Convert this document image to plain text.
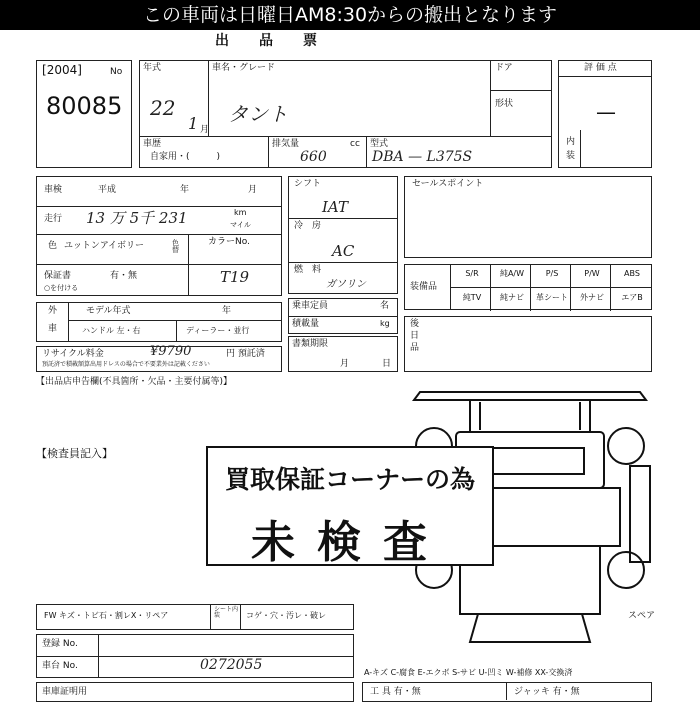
この車両は日曜日AM8:30からの搬出となります
出　品　票
[2004]	No
80085
年式
22
1 月
車名・グレード
タント
ドア
形状
評 価 点
—
内
装
車歴
自家用・(　　　)
排気量	cc
660
型式
DBA — L375S
車検	平成	年	月
走行 13 万 5千 231	km
マイル
色 ユットンアイボリー	色替
カラーNo.
T19
保証書	有・無
○を付ける
外
車
モデル年式	年
ハンドル 左・右	ディーラー・並行
リサイクル料金	¥9790	円 預託済
預託済で積載額算出用ドレスの場合で不要業外は記載ください
【出品店申告欄(不具箇所・欠品・主要付属等)】
シフト
IAT
冷　房
AC
燃　料
ガソリン
乗車定員	名
積載量	kg
書類期限
月	日
セールスポイント
装備品
S/R	純A/W	P/S	P/W	ABS
純TV	純ナビ	革シート	外ナビ	エアB
後
日
品
【検査員記入】
スペア
買取保証コーナーの為
未検査
FW キズ・トビ石・割レX・リペア
シート内装	コゲ・穴・汚レ・破レ
登録 No.
車台 No.	0272055
車庫証明用
A-キズ C-腐食 E-エクボ S-サビ U-凹ミ W-補修 XX-交換済
工 具 有・無	ジャッキ 有・無
